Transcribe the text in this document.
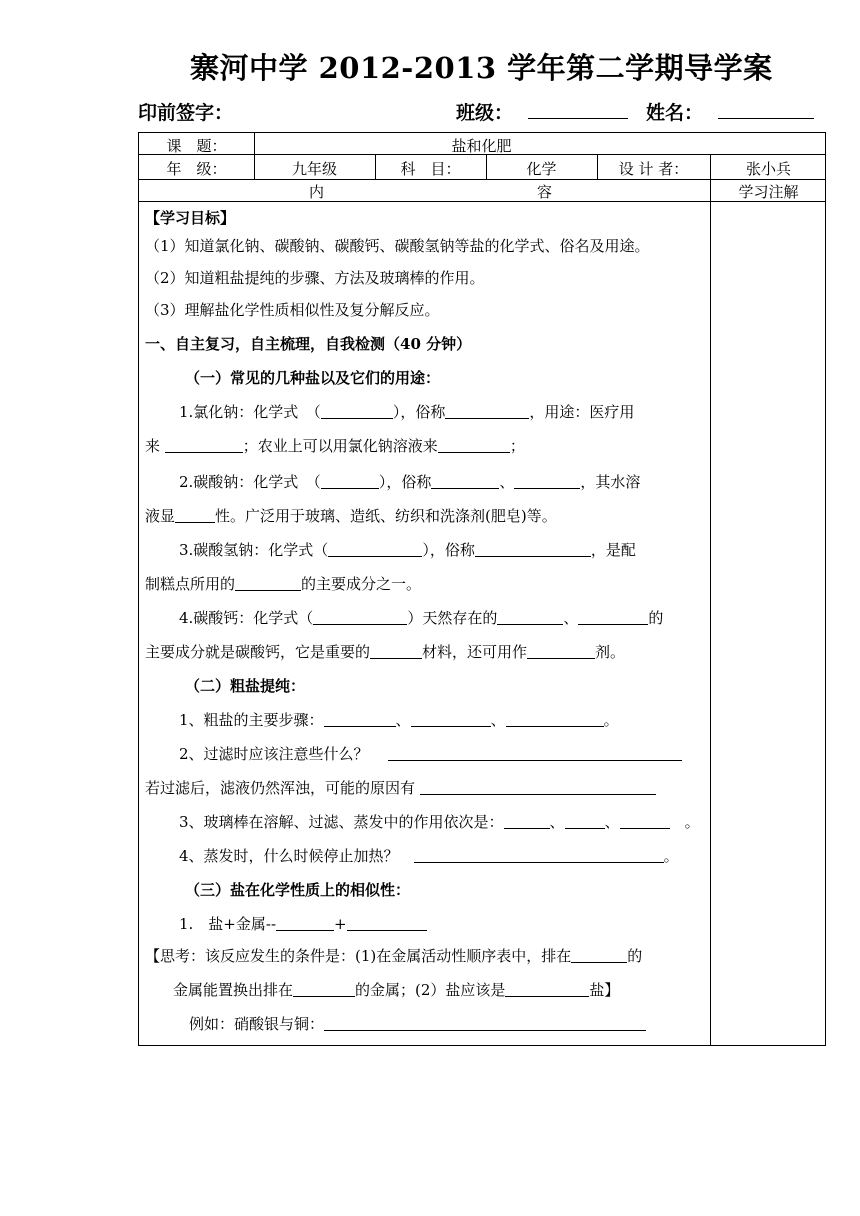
寨河中学 2012-2013 学年第二学期导学案
印前签字：	班级：	姓名：
课　题：	盐和化肥
年　级：	九年级	科　目：	化学	设 计 者：	张小兵
内	容	学习注解
【学习目标】
（1）知道氯化钠、碳酸钠、碳酸钙、碳酸氢钠等盐的化学式、俗名及用途。
（2）知道粗盐提纯的步骤、方法及玻璃棒的作用。
（3）理解盐化学性质相似性及复分解反应。
一、自主复习，自主梳理，自我检测（40 分钟）
（一）常见的几种盐以及它们的用途：
1.氯化钠：化学式　（	），俗称	，用途：医疗用
来	；农业上可以用氯化钠溶液来	；
2.碳酸钠：化学式　（	），俗称	、	，其水溶
液显	性。广泛用于玻璃、造纸、纺织和洗涤剂(肥皂)等。
3.碳酸氢钠：化学式（	），俗称	，是配
制糕点所用的	的主要成分之一。
4.碳酸钙：化学式（	）天然存在的	、	的
主要成分就是碳酸钙，它是重要的	材料，还可用作	剂。
（二）粗盐提纯：
1、粗盐的主要步骤：	、	、	。
2、过滤时应该注意些什么？　
若过滤后，滤液仍然浑浊，可能的原因有
3、玻璃棒在溶解、过滤、蒸发中的作用依次是：	、	、　	。
4、蒸发时，什么时候停止加热？　	。
（三）盐在化学性质上的相似性：
1.　盐+金属--	+
【思考：该反应发生的条件是：(1)在金属活动性顺序表中，排在	的
金属能置换出排在	的金属；(2）盐应该是	盐】
例如：硝酸银与铜：
